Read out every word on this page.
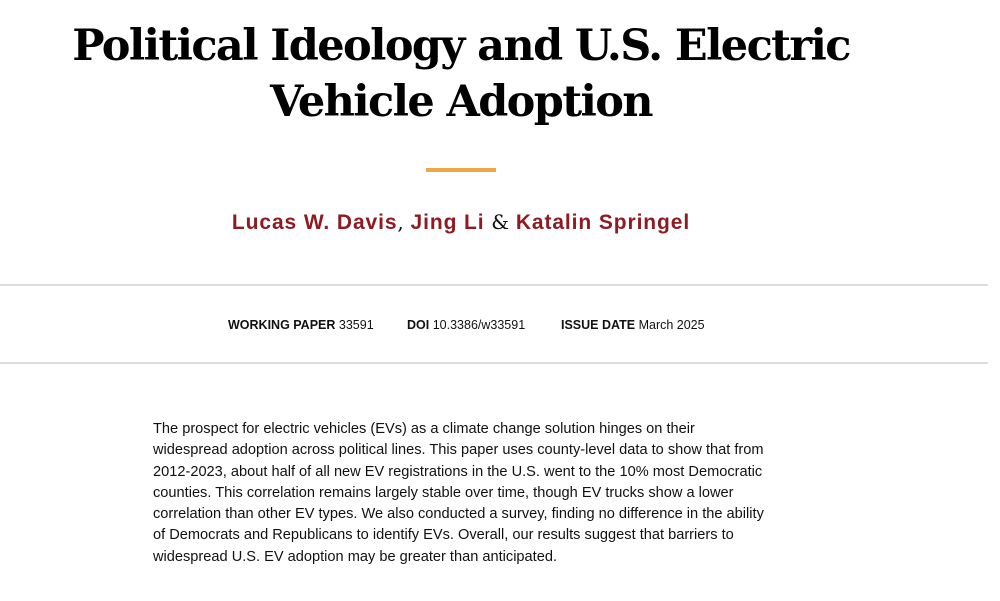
Political Ideology and U.S. Electric Vehicle Adoption
Lucas W. Davis, Jing Li & Katalin Springel
WORKING PAPER 33591	DOI 10.3386/w33591	ISSUE DATE March 2025

The prospect for electric vehicles (EVs) as a climate change solution hinges on their widespread adoption across political lines. This paper uses county-level data to show that from 2012-2023, about half of all new EV registrations in the U.S. went to the 10% most Democratic counties. This correlation remains largely stable over time, though EV trucks show a lower correlation than other EV types. We also conducted a survey, finding no difference in the ability of Democrats and Republicans to identify EVs. Overall, our results suggest that barriers to widespread U.S. EV adoption may be greater than anticipated.
